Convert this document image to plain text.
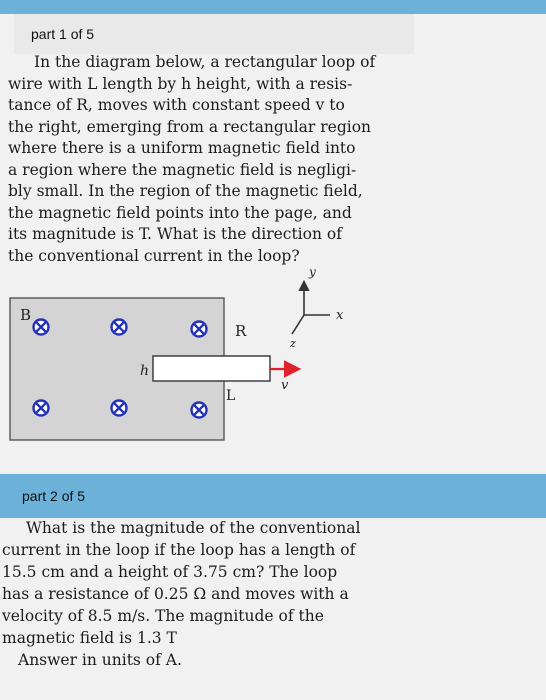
part 1 of 5
In the diagram below, a rectangular loop of
wire with L length by h height, with a resis-
tance of R, moves with constant speed v to
the right, emerging from a rectangular region
where there is a uniform magnetic field into
a region where the magnetic field is negligi-
bly small. In the region of the magnetic field,
the magnetic field points into the page, and
its magnitude is T. What is the direction of
the conventional current in the loop?
B
h
R
L
v
y
x
z
part 2 of 5
What is the magnitude of the conventional
current in the loop if the loop has a length of
15.5 cm and a height of 3.75 cm? The loop
has a resistance of 0.25 Ω and moves with a
velocity of 8.5 m/s. The magnitude of the
magnetic field is 1.3 T
Answer in units of A.
